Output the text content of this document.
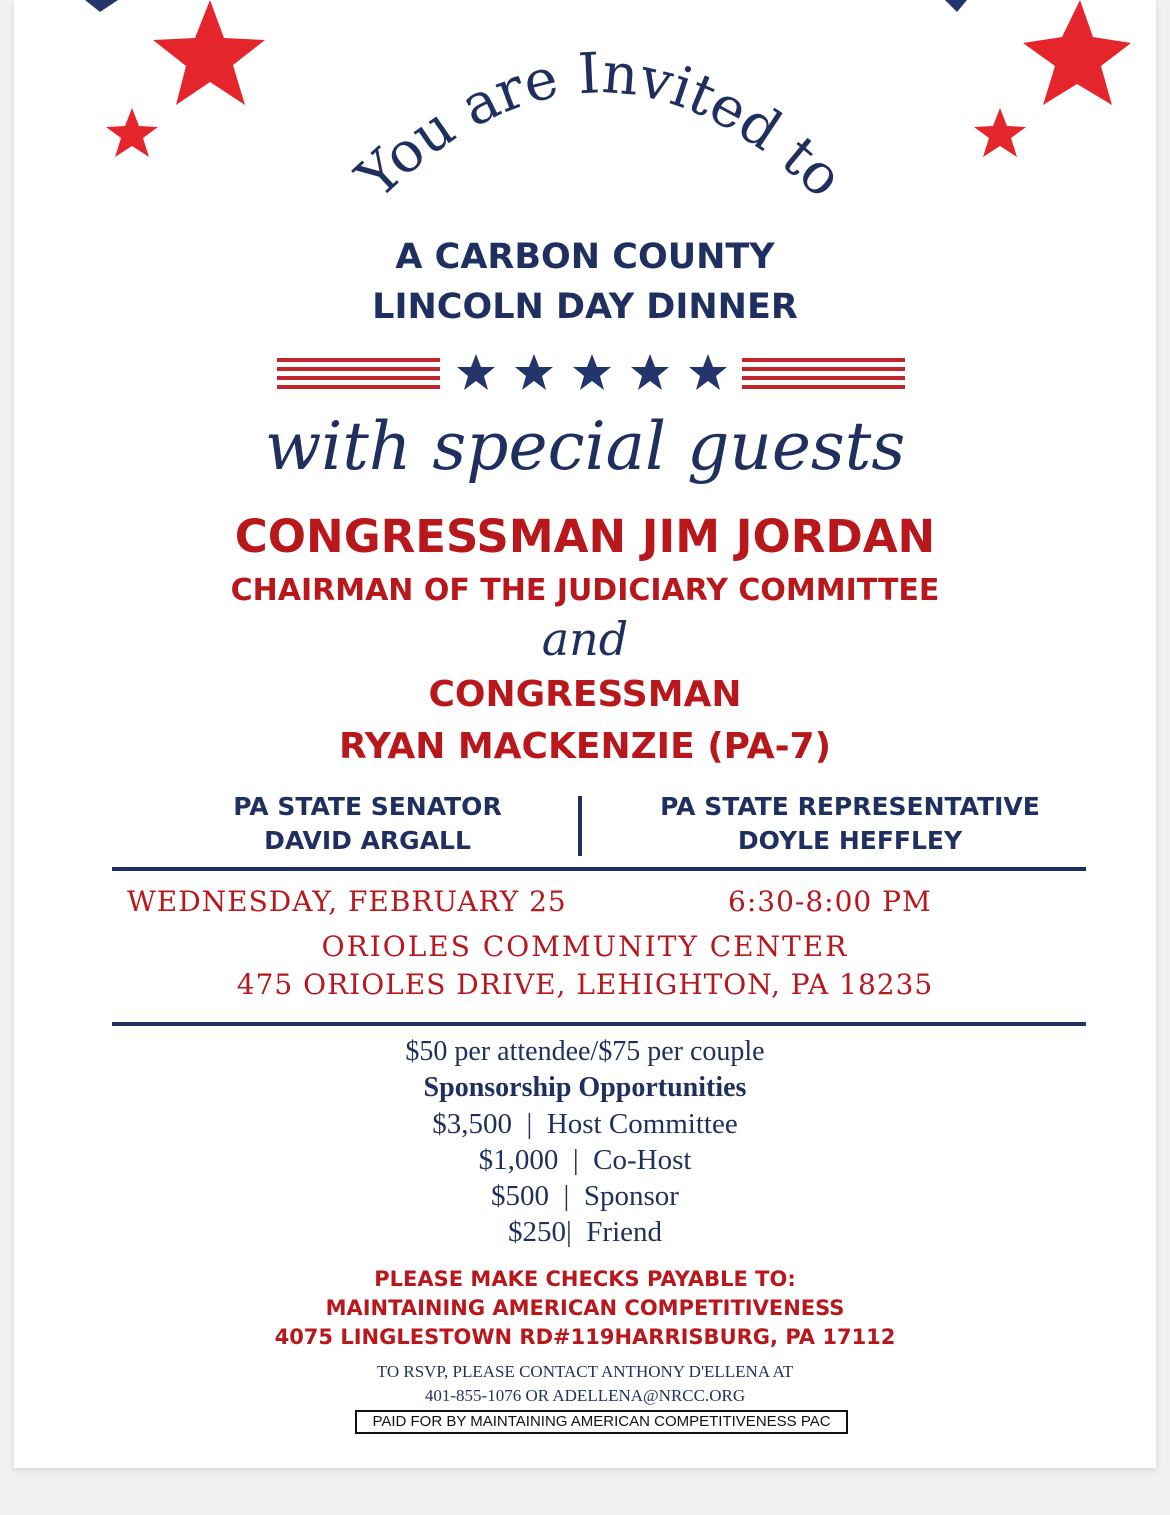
You are Invited to
A CARBON COUNTY
LINCOLN DAY DINNER
with special guests
CONGRESSMAN JIM JORDAN
CHAIRMAN OF THE JUDICIARY COMMITTEE
and
CONGRESSMAN
RYAN MACKENZIE (PA-7)
PA STATE SENATOR
DAVID ARGALL
PA STATE REPRESENTATIVE
DOYLE HEFFLEY
WEDNESDAY, FEBRUARY 25	6:30-8:00 PM
ORIOLES COMMUNITY CENTER
475 ORIOLES DRIVE, LEHIGHTON, PA 18235
$50 per attendee/$75 per couple
Sponsorship Opportunities
$3,500  |  Host Committee
$1,000  |  Co-Host
$500  |  Sponsor
$250|  Friend
PLEASE MAKE CHECKS PAYABLE TO:
MAINTAINING AMERICAN COMPETITIVENESS
4075 LINGLESTOWN RD#119HARRISBURG, PA 17112
TO RSVP, PLEASE CONTACT ANTHONY D'ELLENA AT
401-855-1076 OR ADELLENA@NRCC.ORG
PAID FOR BY MAINTAINING AMERICAN COMPETITIVENESS PAC
